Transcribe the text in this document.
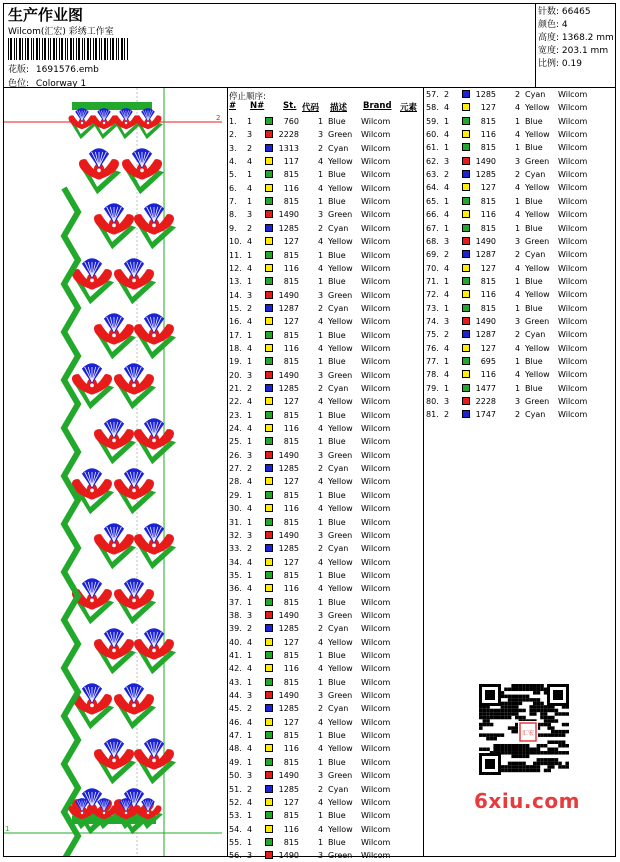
生产作业图
Wilcom(汇宏) 彩绣工作室
花版: 1691576.emb
色位: Colorway 1
针数: 66465
颜色: 4
高度: 1368.2 mm
宽度: 203.1 mm
比例: 0.19
1
2
停止顺序:
# N# St. 代码 描述 Brand 元素
1. 1	760 1 Blue Wilcom
2. 3	2228 3 Green Wilcom
3. 2	1313 2 Cyan Wilcom
4. 4	117 4 Yellow Wilcom
5. 1	815 1 Blue Wilcom
6. 4	116 4 Yellow Wilcom
7. 1	815 1 Blue Wilcom
8. 3	1490 3 Green Wilcom
9. 2	1285 2 Cyan Wilcom
10. 4	127 4 Yellow Wilcom
11. 1	815 1 Blue Wilcom
12. 4	116 4 Yellow Wilcom
13. 1	815 1 Blue Wilcom
14. 3	1490 3 Green Wilcom
15. 2	1287 2 Cyan Wilcom
16. 4	127 4 Yellow Wilcom
17. 1	815 1 Blue Wilcom
18. 4	116 4 Yellow Wilcom
19. 1	815 1 Blue Wilcom
20. 3	1490 3 Green Wilcom
21. 2	1285 2 Cyan Wilcom
22. 4	127 4 Yellow Wilcom
23. 1	815 1 Blue Wilcom
24. 4	116 4 Yellow Wilcom
25. 1	815 1 Blue Wilcom
26. 3	1490 3 Green Wilcom
27. 2	1285 2 Cyan Wilcom
28. 4	127 4 Yellow Wilcom
29. 1	815 1 Blue Wilcom
30. 4	116 4 Yellow Wilcom
31. 1	815 1 Blue Wilcom
32. 3	1490 3 Green Wilcom
33. 2	1285 2 Cyan Wilcom
34. 4	127 4 Yellow Wilcom
35. 1	815 1 Blue Wilcom
36. 4	116 4 Yellow Wilcom
37. 1	815 1 Blue Wilcom
38. 3	1490 3 Green Wilcom
39. 2	1285 2 Cyan Wilcom
40. 4	127 4 Yellow Wilcom
41. 1	815 1 Blue Wilcom
42. 4	116 4 Yellow Wilcom
43. 1	815 1 Blue Wilcom
44. 3	1490 3 Green Wilcom
45. 2	1285 2 Cyan Wilcom
46. 4	127 4 Yellow Wilcom
47. 1	815 1 Blue Wilcom
48. 4	116 4 Yellow Wilcom
49. 1	815 1 Blue Wilcom
50. 3	1490 3 Green Wilcom
51. 2	1285 2 Cyan Wilcom
52. 4	127 4 Yellow Wilcom
53. 1	815 1 Blue Wilcom
54. 4	116 4 Yellow Wilcom
55. 1	815 1 Blue Wilcom
56. 3	1490 3 Green Wilcom
57. 2	1285 2 Cyan Wilcom
58. 4	127 4 Yellow Wilcom
59. 1	815 1 Blue Wilcom
60. 4	116 4 Yellow Wilcom
61. 1	815 1 Blue Wilcom
62. 3	1490 3 Green Wilcom
63. 2	1285 2 Cyan Wilcom
64. 4	127 4 Yellow Wilcom
65. 1	815 1 Blue Wilcom
66. 4	116 4 Yellow Wilcom
67. 1	815 1 Blue Wilcom
68. 3	1490 3 Green Wilcom
69. 2	1287 2 Cyan Wilcom
70. 4	127 4 Yellow Wilcom
71. 1	815 1 Blue Wilcom
72. 4	116 4 Yellow Wilcom
73. 1	815 1 Blue Wilcom
74. 3	1490 3 Green Wilcom
75. 2	1287 2 Cyan Wilcom
76. 4	127 4 Yellow Wilcom
77. 1	695 1 Blue Wilcom
78. 4	116 4 Yellow Wilcom
79. 1	1477 1 Blue Wilcom
80. 3	2228 3 Green Wilcom
81. 2	1747 2 Cyan Wilcom
汇宏
6xiu.com
